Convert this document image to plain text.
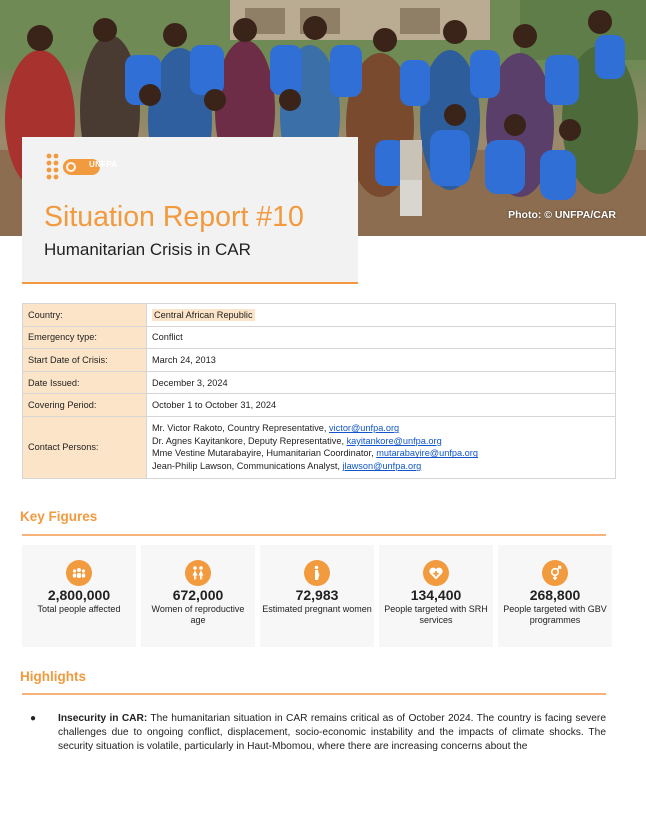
Photo: © UNFPA/CAR
UNFPA
Situation Report #10
Humanitarian Crisis in CAR
Country:	Central African Republic
Emergency type:	Conflict
Start Date of Crisis:	March 24, 2013
Date Issued:	December 3, 2024
Covering Period:	October 1 to October 31, 2024
Contact Persons:	Mr. Victor Rakoto, Country Representative, victor@unfpa.org
Dr. Agnes Kayitankore, Deputy Representative, kayitankore@unfpa.org
Mme Vestine Mutarabayire, Humanitarian Coordinator, mutarabayire@unfpa.org
Jean-Philip Lawson, Communications Analyst, jlawson@unfpa.org
Key Figures
2,800,000
Total people affected
672,000
Women of reproductive age
72,983
Estimated pregnant women
134,400
People targeted with SRH services
268,800
People targeted with GBV programmes
Highlights
● Insecurity in CAR: The humanitarian situation in CAR remains critical as of October 2024. The country is facing severe challenges due to ongoing conflict, displacement, socio-economic instability and the impacts of climate shocks. The security situation is volatile, particularly in Haut-Mbomou, where there are increasing concerns about the
